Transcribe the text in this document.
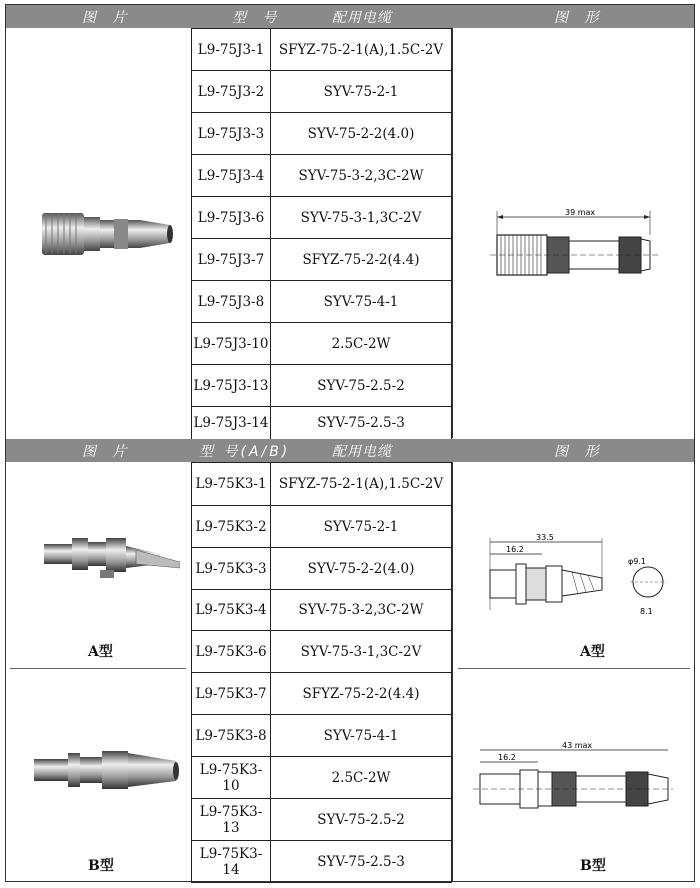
图 片	型 号	配用电缆	图 形
L9-75J3-1	SFYZ-75-2-1(A),1.5C-2V
L9-75J3-2	SYV-75-2-1
L9-75J3-3	SYV-75-2-2(4.0)
L9-75J3-4	SYV-75-3-2,3C-2W
L9-75J3-6	SYV-75-3-1,3C-2V
L9-75J3-7	SFYZ-75-2-2(4.4)
L9-75J3-8	SYV-75-4-1
L9-75J3-10	2.5C-2W
L9-75J3-13	SYV-75-2.5-2
L9-75J3-14	SYV-75-2.5-3
39 max
图 片	型 号(A/B)	配用电缆	图 形
L9-75K3-1	SFYZ-75-2-1(A),1.5C-2V
L9-75K3-2	SYV-75-2-1
L9-75K3-3	SYV-75-2-2(4.0)
L9-75K3-4	SYV-75-3-2,3C-2W
L9-75K3-6	SYV-75-3-1,3C-2V
L9-75K3-7	SFYZ-75-2-2(4.4)
L9-75K3-8	SYV-75-4-1
L9-75K3-10	2.5C-2W
L9-75K3-13	SYV-75-2.5-2
L9-75K3-14	SYV-75-2.5-3
A型
B型
33.5
16.2
φ9.1
8.1
A型
43 max
16.2
B型
